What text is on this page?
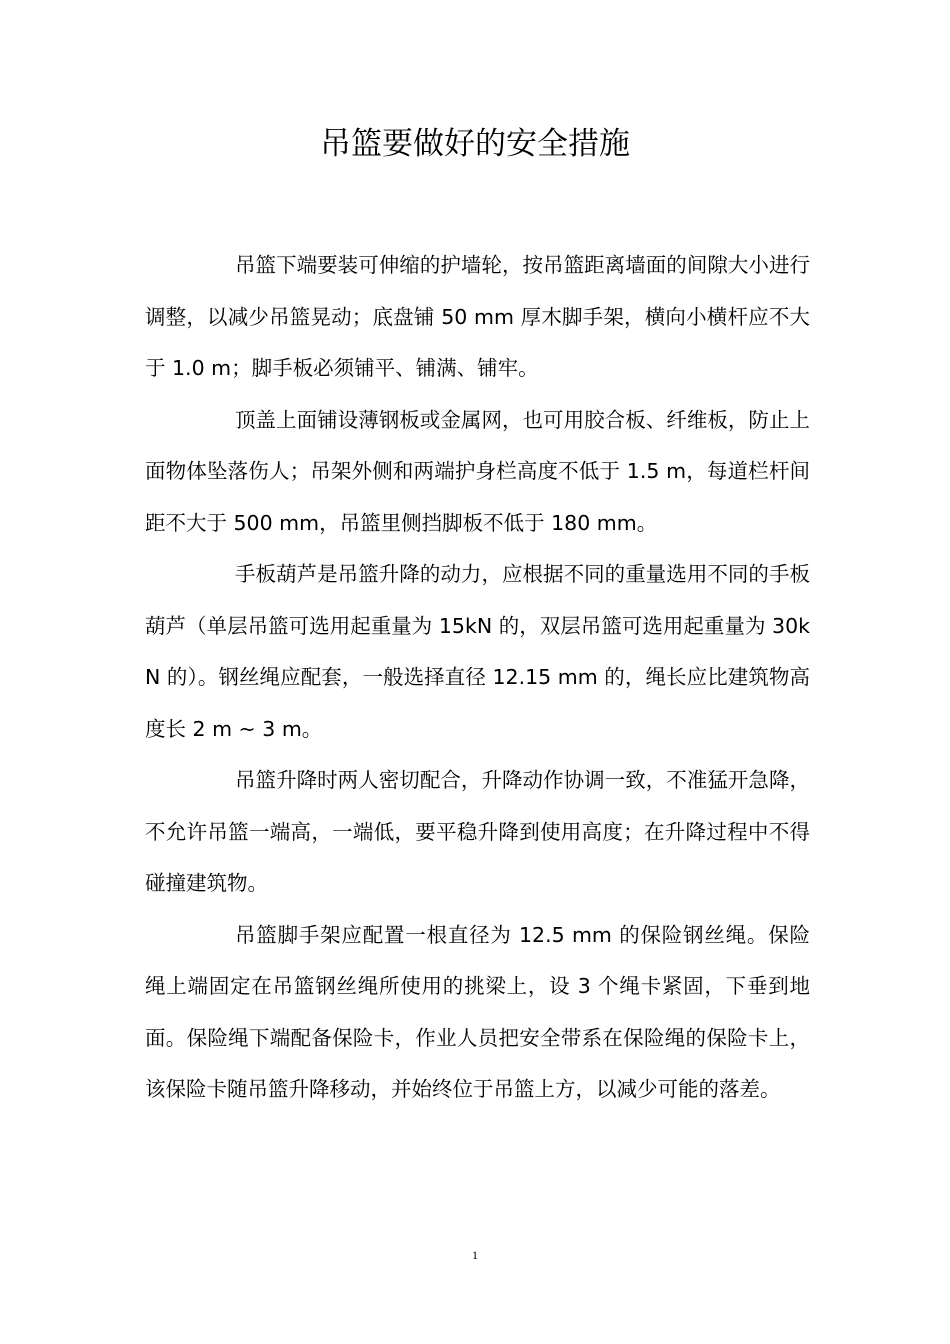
吊篮要做好的安全措施

吊篮下端要装可伸缩的护墙轮，按吊篮距离墙面的间隙大小进行调整，以减少吊篮晃动；底盘铺 50 mm 厚木脚手架，横向小横杆应不大于 1.0 m；脚手板必须铺平、铺满、铺牢。

顶盖上面铺设薄钢板或金属网，也可用胶合板、纤维板，防止上面物体坠落伤人；吊架外侧和两端护身栏高度不低于 1.5 m，每道栏杆间距不大于 500 mm，吊篮里侧挡脚板不低于 180 mm。

手板葫芦是吊篮升降的动力，应根据不同的重量选用不同的手板葫芦（单层吊篮可选用起重量为 15kN 的，双层吊篮可选用起重量为 30kN 的）。钢丝绳应配套，一般选择直径 12.15 mm 的，绳长应比建筑物高度长 2 m ~ 3 m。

吊篮升降时两人密切配合，升降动作协调一致，不准猛开急降，不允许吊篮一端高，一端低，要平稳升降到使用高度；在升降过程中不得碰撞建筑物。

吊篮脚手架应配置一根直径为 12.5 mm 的保险钢丝绳。保险绳上端固定在吊篮钢丝绳所使用的挑梁上，设 3 个绳卡紧固，下垂到地面。保险绳下端配备保险卡，作业人员把安全带系在保险绳的保险卡上，该保险卡随吊篮升降移动，并始终位于吊篮上方，以减少可能的落差。

1
